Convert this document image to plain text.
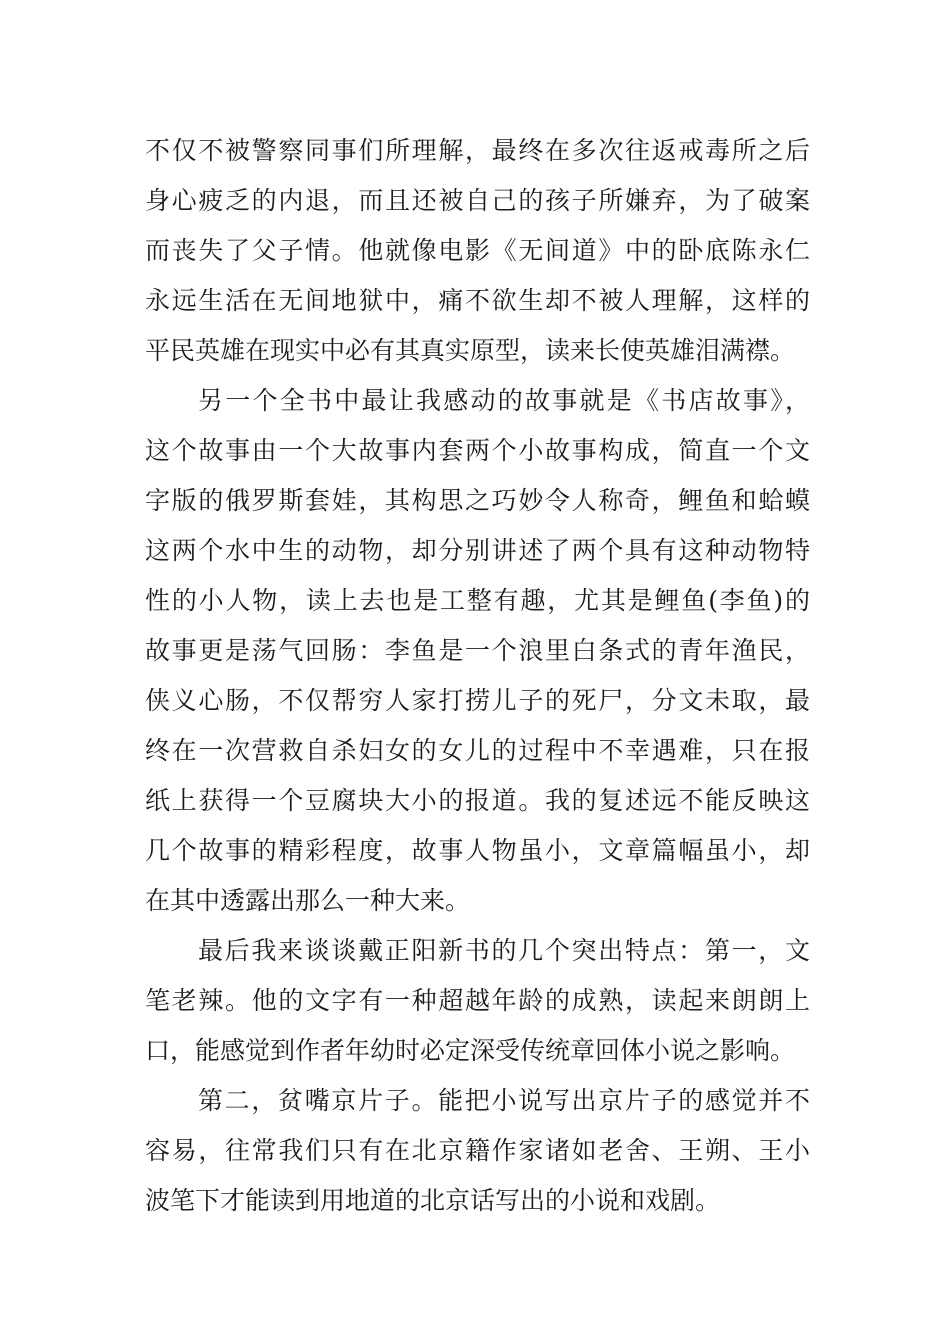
不仅不被警察同事们所理解，最终在多次往返戒毒所之后
身心疲乏的内退，而且还被自己的孩子所嫌弃，为了破案
而丧失了父子情。他就像电影《无间道》中的卧底陈永仁
永远生活在无间地狱中，痛不欲生却不被人理解，这样的
平民英雄在现实中必有其真实原型，读来长使英雄泪满襟。
另一个全书中最让我感动的故事就是《书店故事》，
这个故事由一个大故事内套两个小故事构成，简直一个文
字版的俄罗斯套娃，其构思之巧妙令人称奇，鲤鱼和蛤蟆
这两个水中生的动物，却分别讲述了两个具有这种动物特
性的小人物，读上去也是工整有趣，尤其是鲤鱼(李鱼)的
故事更是荡气回肠：李鱼是一个浪里白条式的青年渔民，
侠义心肠，不仅帮穷人家打捞儿子的死尸，分文未取，最
终在一次营救自杀妇女的女儿的过程中不幸遇难，只在报
纸上获得一个豆腐块大小的报道。我的复述远不能反映这
几个故事的精彩程度，故事人物虽小，文章篇幅虽小，却
在其中透露出那么一种大来。
最后我来谈谈戴正阳新书的几个突出特点：第一，文
笔老辣。他的文字有一种超越年龄的成熟，读起来朗朗上
口，能感觉到作者年幼时必定深受传统章回体小说之影响。
第二，贫嘴京片子。能把小说写出京片子的感觉并不
容易，往常我们只有在北京籍作家诸如老舍、王朔、王小
波笔下才能读到用地道的北京话写出的小说和戏剧。
